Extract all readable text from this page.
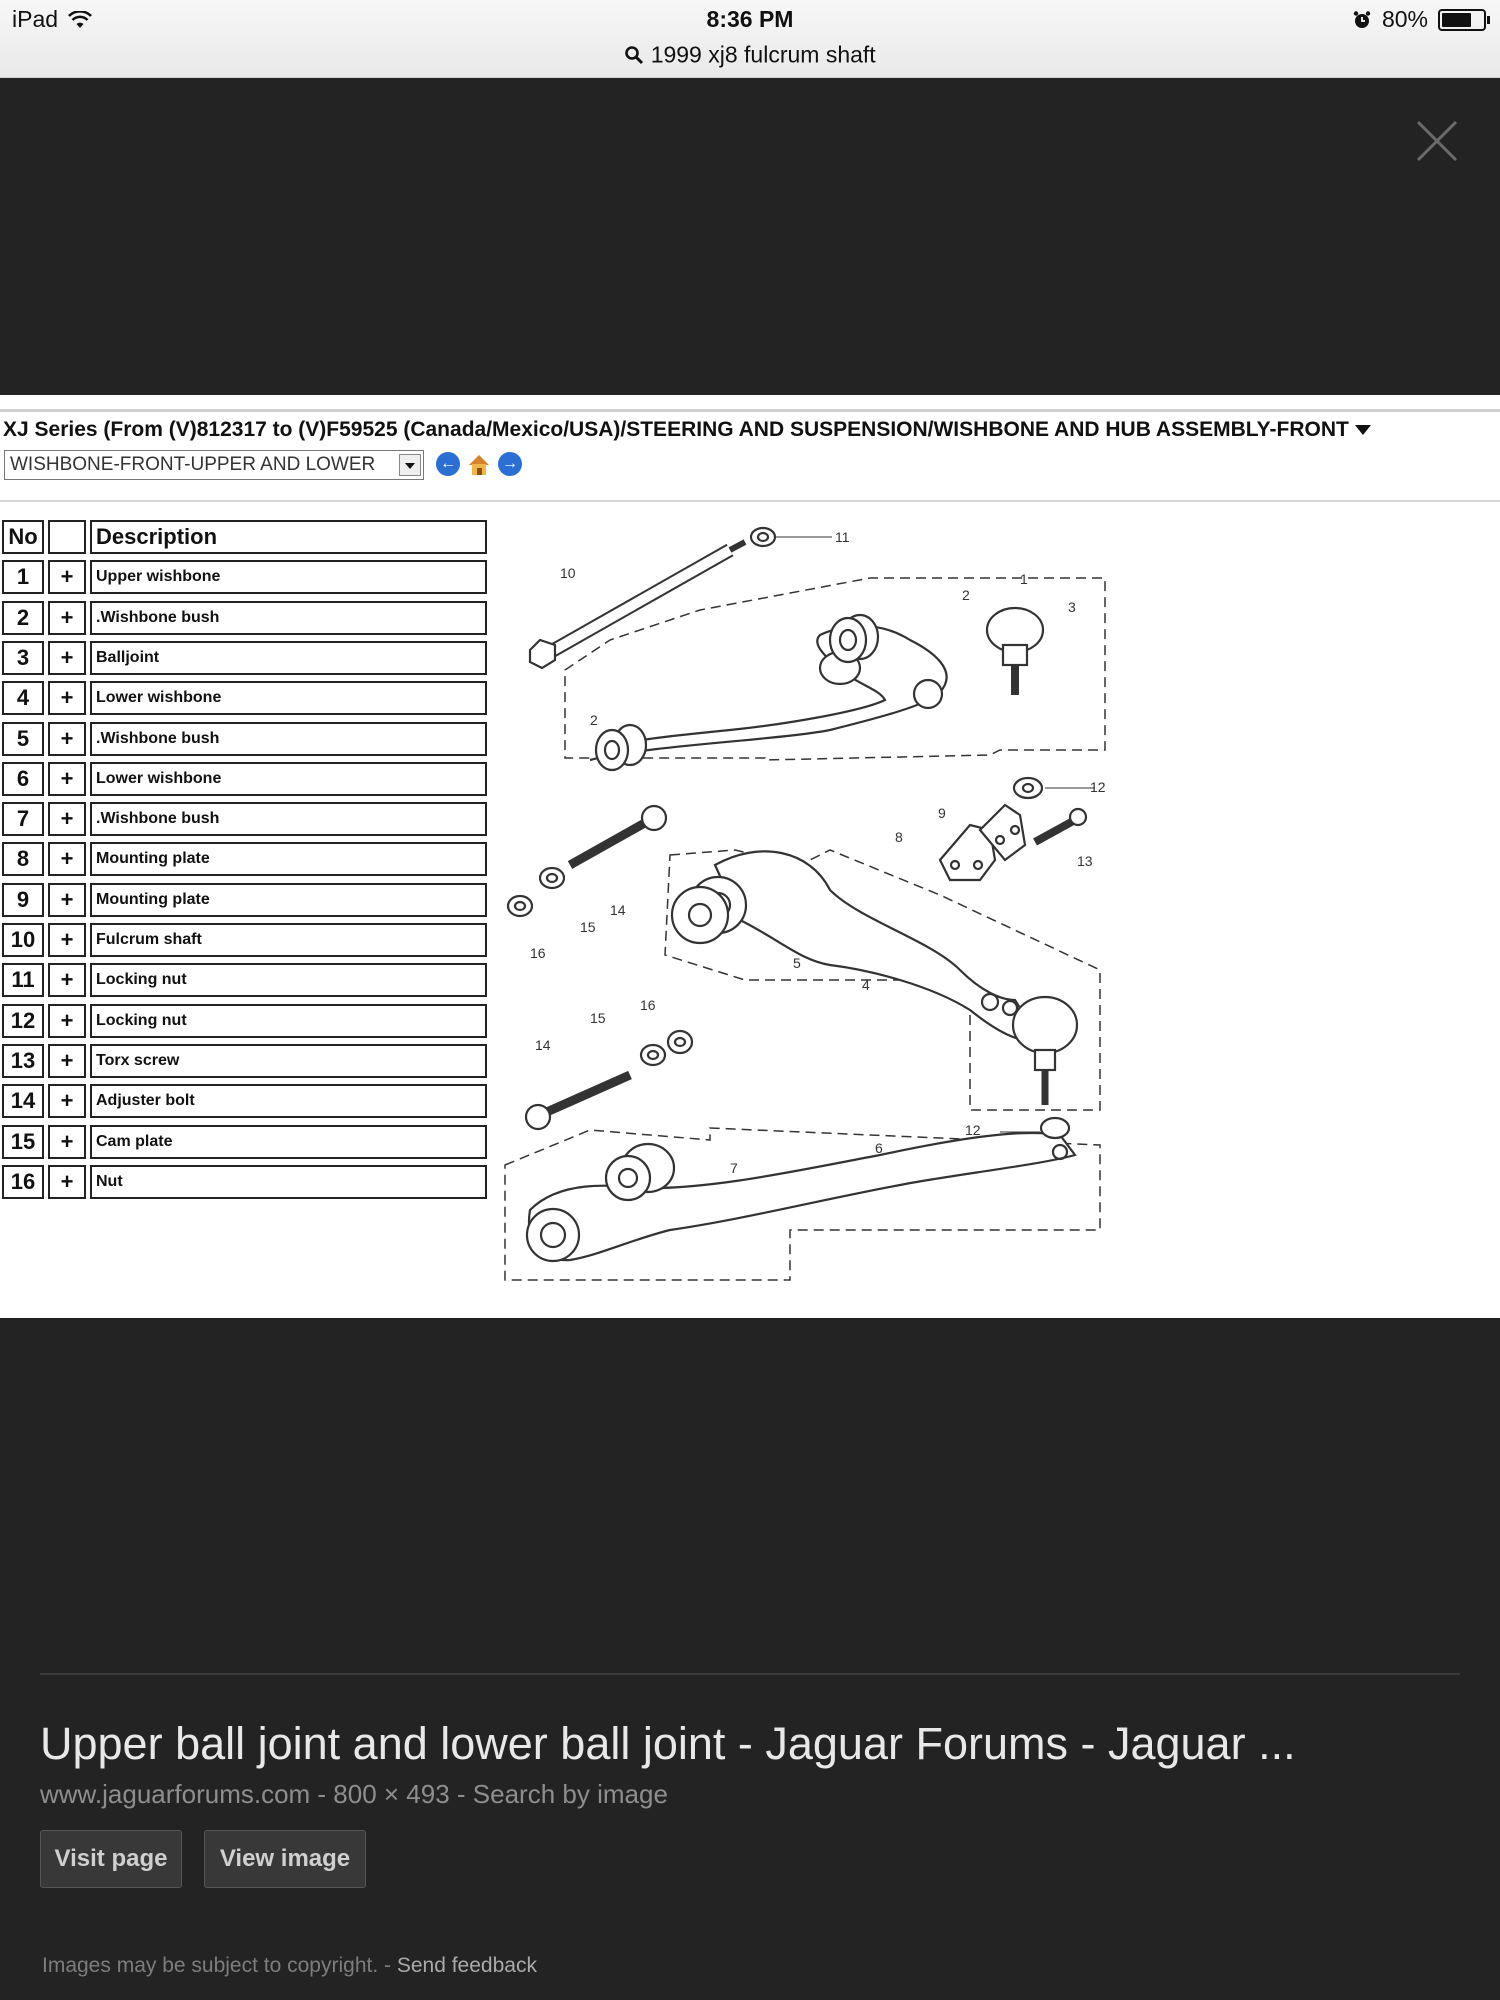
iPad	8:36 PM	80%
1999 xj8 fulcrum shaft
XJ Series (From (V)812317 to (V)F59525 (Canada/Mexico/USA)/STEERING AND SUSPENSION/WISHBONE AND HUB ASSEMBLY-FRONT
WISHBONE-FRONT-UPPER AND LOWER	←	→
No	Description
1	+	Upper wishbone
2	+	.Wishbone bush
3	+	Balljoint
4	+	Lower wishbone
5	+	.Wishbone bush
6	+	Lower wishbone
7	+	.Wishbone bush
8	+	Mounting plate
9	+	Mounting plate
10	+	Fulcrum shaft
11	+	Locking nut
12	+	Locking nut
13	+	Torx screw
14	+	Adjuster bolt
15	+	Cam plate
16	+	Nut
11
10	1
2
3
2
12
9
8
13
14
15
16
5
4
16
15
14
12
6
7
Upper ball joint and lower ball joint - Jaguar Forums - Jaguar ...
www.jaguarforums.com - 800 × 493 - Search by image
Visit page	View image
Images may be subject to copyright. - Send feedback
